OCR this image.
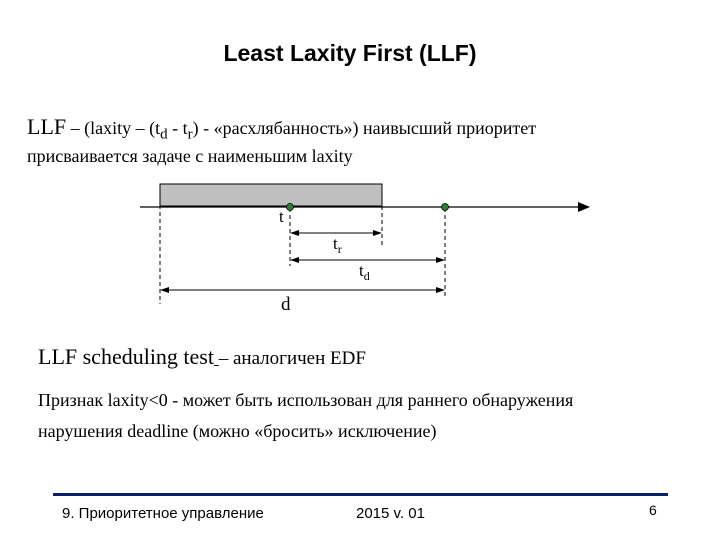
Least Laxity First (LLF)
LLF – (laxity – $(t_d - t_r)$ - «расхлябанность») наивысший приоритет
присваивается задаче с наименьшим laxity
t
$t_r$
$t_d$
d
LLF scheduling test – аналогичен EDF
Признак laxity<0 - может быть использован для раннего обнаружения
нарушения deadline (можно «бросить» исключение)
9. Приоритетное управление	2015 v. 01	6
